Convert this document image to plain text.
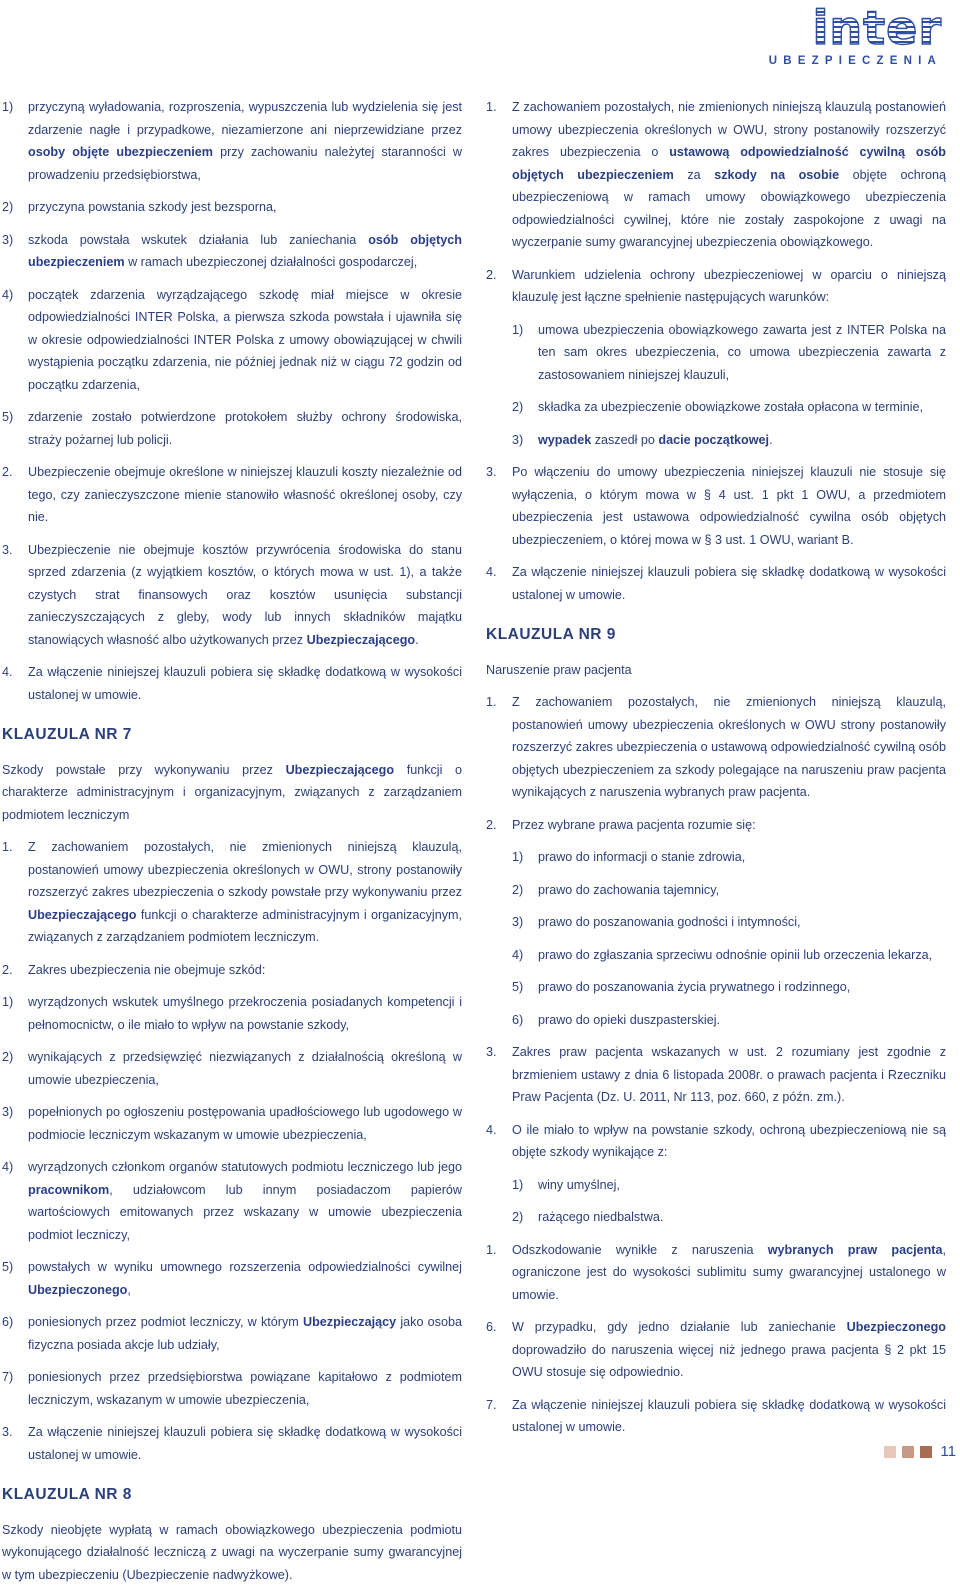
inter
UBEZPIECZENIA
1)	przyczyną wyładowania, rozproszenia, wypuszczenia lub wydzielenia się jest zdarzenie nagłe i przypadkowe, niezamierzone ani nieprzewidziane przez osoby objęte ubezpieczeniem przy zachowaniu należytej staranności w prowadzeniu przedsiębiorstwa,
2)	przyczyna powstania szkody jest bezsporna,
3)	szkoda powstała wskutek działania lub zaniechania osób objętych ubezpieczeniem w ramach ubezpieczonej działalności gospodarczej,
4)	początek zdarzenia wyrządzającego szkodę miał miejsce w okresie odpowiedzialności INTER Polska, a pierwsza szkoda powstała i ujawniła się w okresie odpowiedzialności INTER Polska z umowy obowiązującej w chwili wystąpienia początku zdarzenia, nie później jednak niż w ciągu 72 godzin od początku zdarzenia,
5)	zdarzenie zostało potwierdzone protokołem służby ochrony środowiska, straży pożarnej lub policji.
2.	Ubezpieczenie obejmuje określone w niniejszej klauzuli koszty niezależnie od tego, czy zanieczyszczone mienie stanowiło własność określonej osoby, czy nie.
3.	Ubezpieczenie nie obejmuje kosztów przywrócenia środowiska do stanu sprzed zdarzenia (z wyjątkiem kosztów, o których mowa w ust. 1), a także czystych strat finansowych oraz kosztów usunięcia substancji zanieczyszczających z gleby, wody lub innych składników majątku stanowiących własność albo użytkowanych przez Ubezpieczającego.
4.	Za włączenie niniejszej klauzuli pobiera się składkę dodatkową w wysokości ustalonej w umowie.
KLAUZULA NR 7
Szkody powstałe przy wykonywaniu przez Ubezpieczającego funkcji o charakterze administracyjnym i organizacyjnym, związanych z zarządzaniem podmiotem leczniczym
1.	Z zachowaniem pozostałych, nie zmienionych niniejszą klauzulą, postanowień umowy ubezpieczenia określonych w OWU, strony postanowiły rozszerzyć zakres ubezpieczenia o szkody powstałe przy wykonywaniu przez Ubezpieczającego funkcji o charakterze administracyjnym i organizacyjnym, związanych z zarządzaniem podmiotem leczniczym.
2.	Zakres ubezpieczenia nie obejmuje szkód:
1)	wyrządzonych wskutek umyślnego przekroczenia posiadanych kompetencji i pełnomocnictw, o ile miało to wpływ na powstanie szkody,
2)	wynikających z przedsięwzięć niezwiązanych z działalnością określoną w umowie ubezpieczenia,
3)	popełnionych po ogłoszeniu postępowania upadłościowego lub ugodowego w podmiocie leczniczym wskazanym w umowie ubezpieczenia,
4)	wyrządzonych członkom organów statutowych podmiotu leczniczego lub jego pracownikom, udziałowcom lub innym posiadaczom papierów wartościowych emitowanych przez wskazany w umowie ubezpieczenia podmiot leczniczy,
5)	powstałych w wyniku umownego rozszerzenia odpowiedzialności cywilnej Ubezpieczonego,
6)	poniesionych przez podmiot leczniczy, w którym Ubezpieczający jako osoba fizyczna posiada akcje lub udziały,
7)	poniesionych przez przedsiębiorstwa powiązane kapitałowo z podmiotem leczniczym, wskazanym w umowie ubezpieczenia,
3.	Za włączenie niniejszej klauzuli pobiera się składkę dodatkową w wysokości ustalonej w umowie.
KLAUZULA NR 8
Szkody nieobjęte wypłatą w ramach obowiązkowego ubezpieczenia podmiotu wykonującego działalność leczniczą z uwagi na wyczerpanie sumy gwarancyjnej w tym ubezpieczeniu (Ubezpieczenie nadwyżkowe).
1.	Z zachowaniem pozostałych, nie zmienionych niniejszą klauzulą postanowień umowy ubezpieczenia określonych w OWU, strony postanowiły rozszerzyć zakres ubezpieczenia o ustawową odpowiedzialność cywilną osób objętych ubezpieczeniem za szkody na osobie objęte ochroną ubezpieczeniową w ramach umowy obowiązkowego ubezpieczenia odpowiedzialności cywilnej, które nie zostały zaspokojone z uwagi na wyczerpanie sumy gwarancyjnej ubezpieczenia obowiązkowego.
2.	Warunkiem udzielenia ochrony ubezpieczeniowej w oparciu o niniejszą klauzulę jest łączne spełnienie następujących warunków:
1)	umowa ubezpieczenia obowiązkowego zawarta jest z INTER Polska na ten sam okres ubezpieczenia, co umowa ubezpieczenia zawarta z zastosowaniem niniejszej klauzuli,
2)	składka za ubezpieczenie obowiązkowe została opłacona w terminie,
3)	wypadek zaszedł po dacie początkowej.
3.	Po włączeniu do umowy ubezpieczenia niniejszej klauzuli nie stosuje się wyłączenia, o którym mowa w § 4 ust. 1 pkt 1 OWU, a przedmiotem ubezpieczenia jest ustawowa odpowiedzialność cywilna osób objętych ubezpieczeniem, o której mowa w § 3 ust. 1 OWU, wariant B.
4.	Za włączenie niniejszej klauzuli pobiera się składkę dodatkową w wysokości ustalonej w umowie.
KLAUZULA NR 9
Naruszenie praw pacjenta
1.	Z zachowaniem pozostałych, nie zmienionych niniejszą klauzulą, postanowień umowy ubezpieczenia określonych w OWU strony postanowiły rozszerzyć zakres ubezpieczenia o ustawową odpowiedzialność cywilną osób objętych ubezpieczeniem za szkody polegające na naruszeniu praw pacjenta wynikających z naruszenia wybranych praw pacjenta.
2.	Przez wybrane prawa pacjenta rozumie się:
1)	prawo do informacji o stanie zdrowia,
2)	prawo do zachowania tajemnicy,
3)	prawo do poszanowania godności i intymności,
4)	prawo do zgłaszania sprzeciwu odnośnie opinii lub orzeczenia lekarza,
5)	prawo do poszanowania życia prywatnego i rodzinnego,
6)	prawo do opieki duszpasterskiej.
3.	Zakres praw pacjenta wskazanych w ust. 2 rozumiany jest zgodnie z brzmieniem ustawy z dnia 6 listopada 2008r. o prawach pacjenta i Rzeczniku Praw Pacjenta (Dz. U. 2011, Nr 113, poz. 660, z późn. zm.).
4.	O ile miało to wpływ na powstanie szkody, ochroną ubezpieczeniową nie są objęte szkody wynikające z:
1)	winy umyślnej,
2)	rażącego niedbalstwa.
1.	Odszkodowanie wynikłe z naruszenia wybranych praw pacjenta, ograniczone jest do wysokości sublimitu sumy gwarancyjnej ustalonego w umowie.
6.	W przypadku, gdy jedno działanie lub zaniechanie Ubezpieczonego doprowadziło do naruszenia więcej niż jednego prawa pacjenta § 2 pkt 15 OWU stosuje się odpowiednio.
7.	Za włączenie niniejszej klauzuli pobiera się składkę dodatkową w wysokości ustalonej w umowie.
11
